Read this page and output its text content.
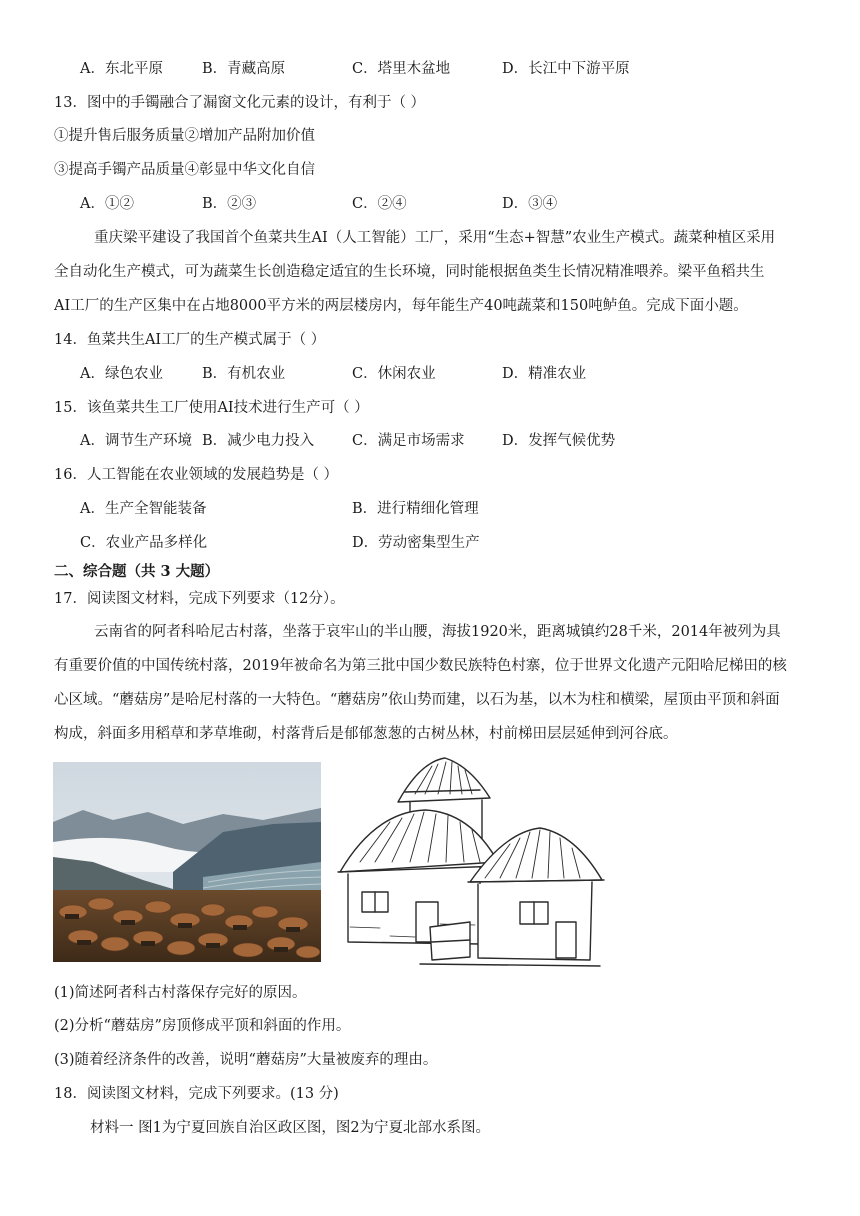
A．东北平原	B．青藏高原	C．塔里木盆地	D．长江中下游平原
13．图中的手镯融合了漏窗文化元素的设计，有利于（ ）
①提升售后服务质量②增加产品附加价值
③提高手镯产品质量④彰显中华文化自信
A．①②	B．②③	C．②④	D．③④
重庆梁平建设了我国首个鱼菜共生AI（人工智能）工厂，采用“生态+智慧”农业生产模式。蔬菜种植区采用
全自动化生产模式，可为蔬菜生长创造稳定适宜的生长环境，同时能根据鱼类生长情况精准喂养。梁平鱼稻共生
AI工厂的生产区集中在占地8000平方米的两层楼房内，每年能生产40吨蔬菜和150吨鲈鱼。完成下面小题。
14．鱼菜共生AI工厂的生产模式属于（ ）
A．绿色农业	B．有机农业	C．休闲农业	D．精准农业
15．该鱼菜共生工厂使用AI技术进行生产可（ ）
A．调节生产环境 B．减少电力投入	C．满足市场需求	D．发挥气候优势
16．人工智能在农业领域的发展趋势是（ ）
A．生产全智能装备	B．进行精细化管理
C．农业产品多样化	D．劳动密集型生产
二、综合题（共 3 大题）
17．阅读图文材料，完成下列要求（12分）。
云南省的阿者科哈尼古村落，坐落于哀牢山的半山腰，海拔1920米，距离城镇约28千米，2014年被列为具
有重要价值的中国传统村落，2019年被命名为第三批中国少数民族特色村寨，位于世界文化遗产元阳哈尼梯田的核
心区域。“蘑菇房”是哈尼村落的一大特色。“蘑菇房”依山势而建，以石为基，以木为柱和横梁，屋顶由平顶和斜面
构成，斜面多用稻草和茅草堆砌，村落背后是郁郁葱葱的古树丛林，村前梯田层层延伸到河谷底。
(1)简述阿者科古村落保存完好的原因。
(2)分析“蘑菇房”房顶修成平顶和斜面的作用。
(3)随着经济条件的改善，说明“蘑菇房”大量被废弃的理由。
18．阅读图文材料，完成下列要求。(13 分)
材料一 图1为宁夏回族自治区政区图，图2为宁夏北部水系图。
